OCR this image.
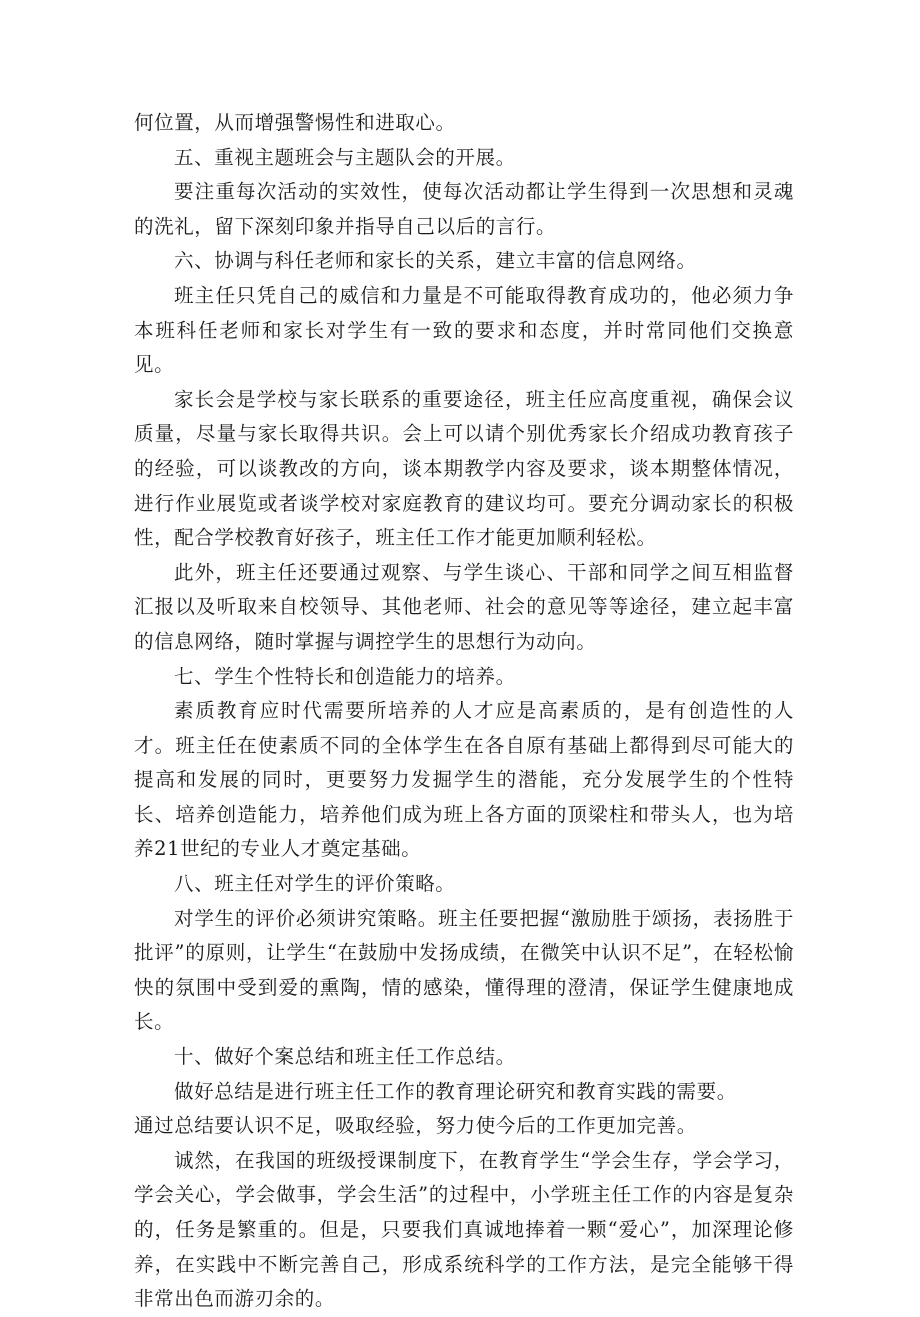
何位置，从而增强警惕性和进取心。

五、重视主题班会与主题队会的开展。

要注重每次活动的实效性，使每次活动都让学生得到一次思想和灵魂的洗礼，留下深刻印象并指导自己以后的言行。

六、协调与科任老师和家长的关系，建立丰富的信息网络。

班主任只凭自己的威信和力量是不可能取得教育成功的，他必须力争本班科任老师和家长对学生有一致的要求和态度，并时常同他们交换意见。

家长会是学校与家长联系的重要途径，班主任应高度重视，确保会议质量，尽量与家长取得共识。会上可以请个别优秀家长介绍成功教育孩子的经验，可以谈教改的方向，谈本期教学内容及要求，谈本期整体情况，进行作业展览或者谈学校对家庭教育的建议均可。要充分调动家长的积极性，配合学校教育好孩子，班主任工作才能更加顺利轻松。

此外，班主任还要通过观察、与学生谈心、干部和同学之间互相监督汇报以及听取来自校领导、其他老师、社会的意见等等途径，建立起丰富的信息网络，随时掌握与调控学生的思想行为动向。

七、学生个性特长和创造能力的培养。

素质教育应时代需要所培养的人才应是高素质的，是有创造性的人才。班主任在使素质不同的全体学生在各自原有基础上都得到尽可能大的提高和发展的同时，更要努力发掘学生的潜能，充分发展学生的个性特长、培养创造能力，培养他们成为班上各方面的顶梁柱和带头人，也为培养21世纪的专业人才奠定基础。

八、班主任对学生的评价策略。

对学生的评价必须讲究策略。班主任要把握“激励胜于颂扬，表扬胜于批评”的原则，让学生“在鼓励中发扬成绩，在微笑中认识不足”，在轻松愉快的氛围中受到爱的熏陶，情的感染，懂得理的澄清，保证学生健康地成长。

十、做好个案总结和班主任工作总结。

做好总结是进行班主任工作的教育理论研究和教育实践的需要。

通过总结要认识不足，吸取经验，努力使今后的工作更加完善。

诚然，在我国的班级授课制度下，在教育学生“学会生存，学会学习，学会关心，学会做事，学会生活”的过程中，小学班主任工作的内容是复杂的，任务是繁重的。但是，只要我们真诚地捧着一颗“爱心”，加深理论修养，在实践中不断完善自己，形成系统科学的工作方法，是完全能够干得非常出色而游刃余的。
